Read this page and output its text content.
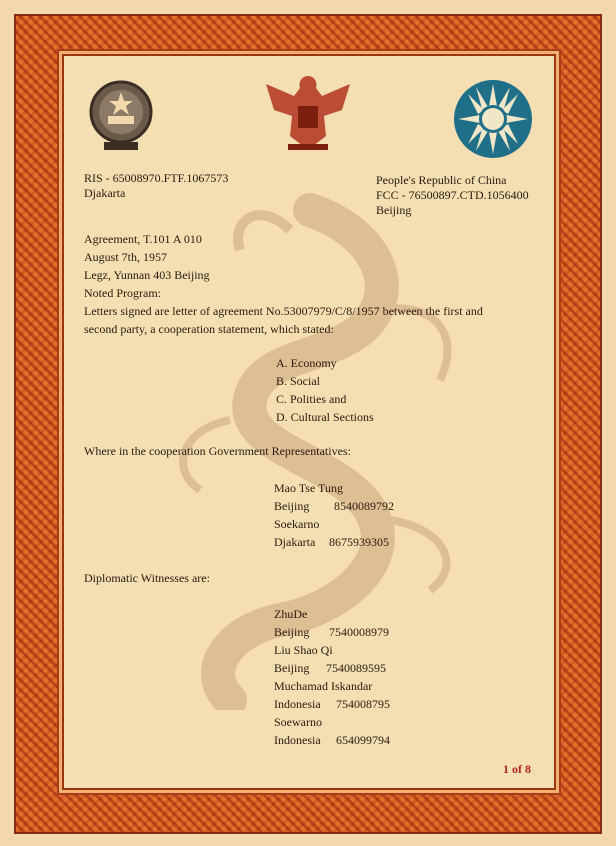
RIS - 65008970.FTF.1067573
Djakarta
People's Republic of China
FCC - 76500897.CTD.1056400
Beijing
Agreement, T.101 A 010
August 7th, 1957
Legz, Yunnan 403 Beijing
Noted Program:
Letters signed are letter of agreement No.53007979/C/8/1957 between the first and
second party, a cooperation statement, which stated:
A. Economy
B. Social
C. Polities and
D. Cultural Sections
Where in the cooperation Government Representatives:
Mao Tse Tung
Beijing 8540089792
Soekarno
Djakarta 8675939305
Diplomatic Witnesses are:
ZhuDe
Beijing 7540008979
Liu Shao Qi
Beijing 7540089595
Muchamad Iskandar
Indonesia 754008795
Soewarno
Indonesia 654099794
1 of 8
